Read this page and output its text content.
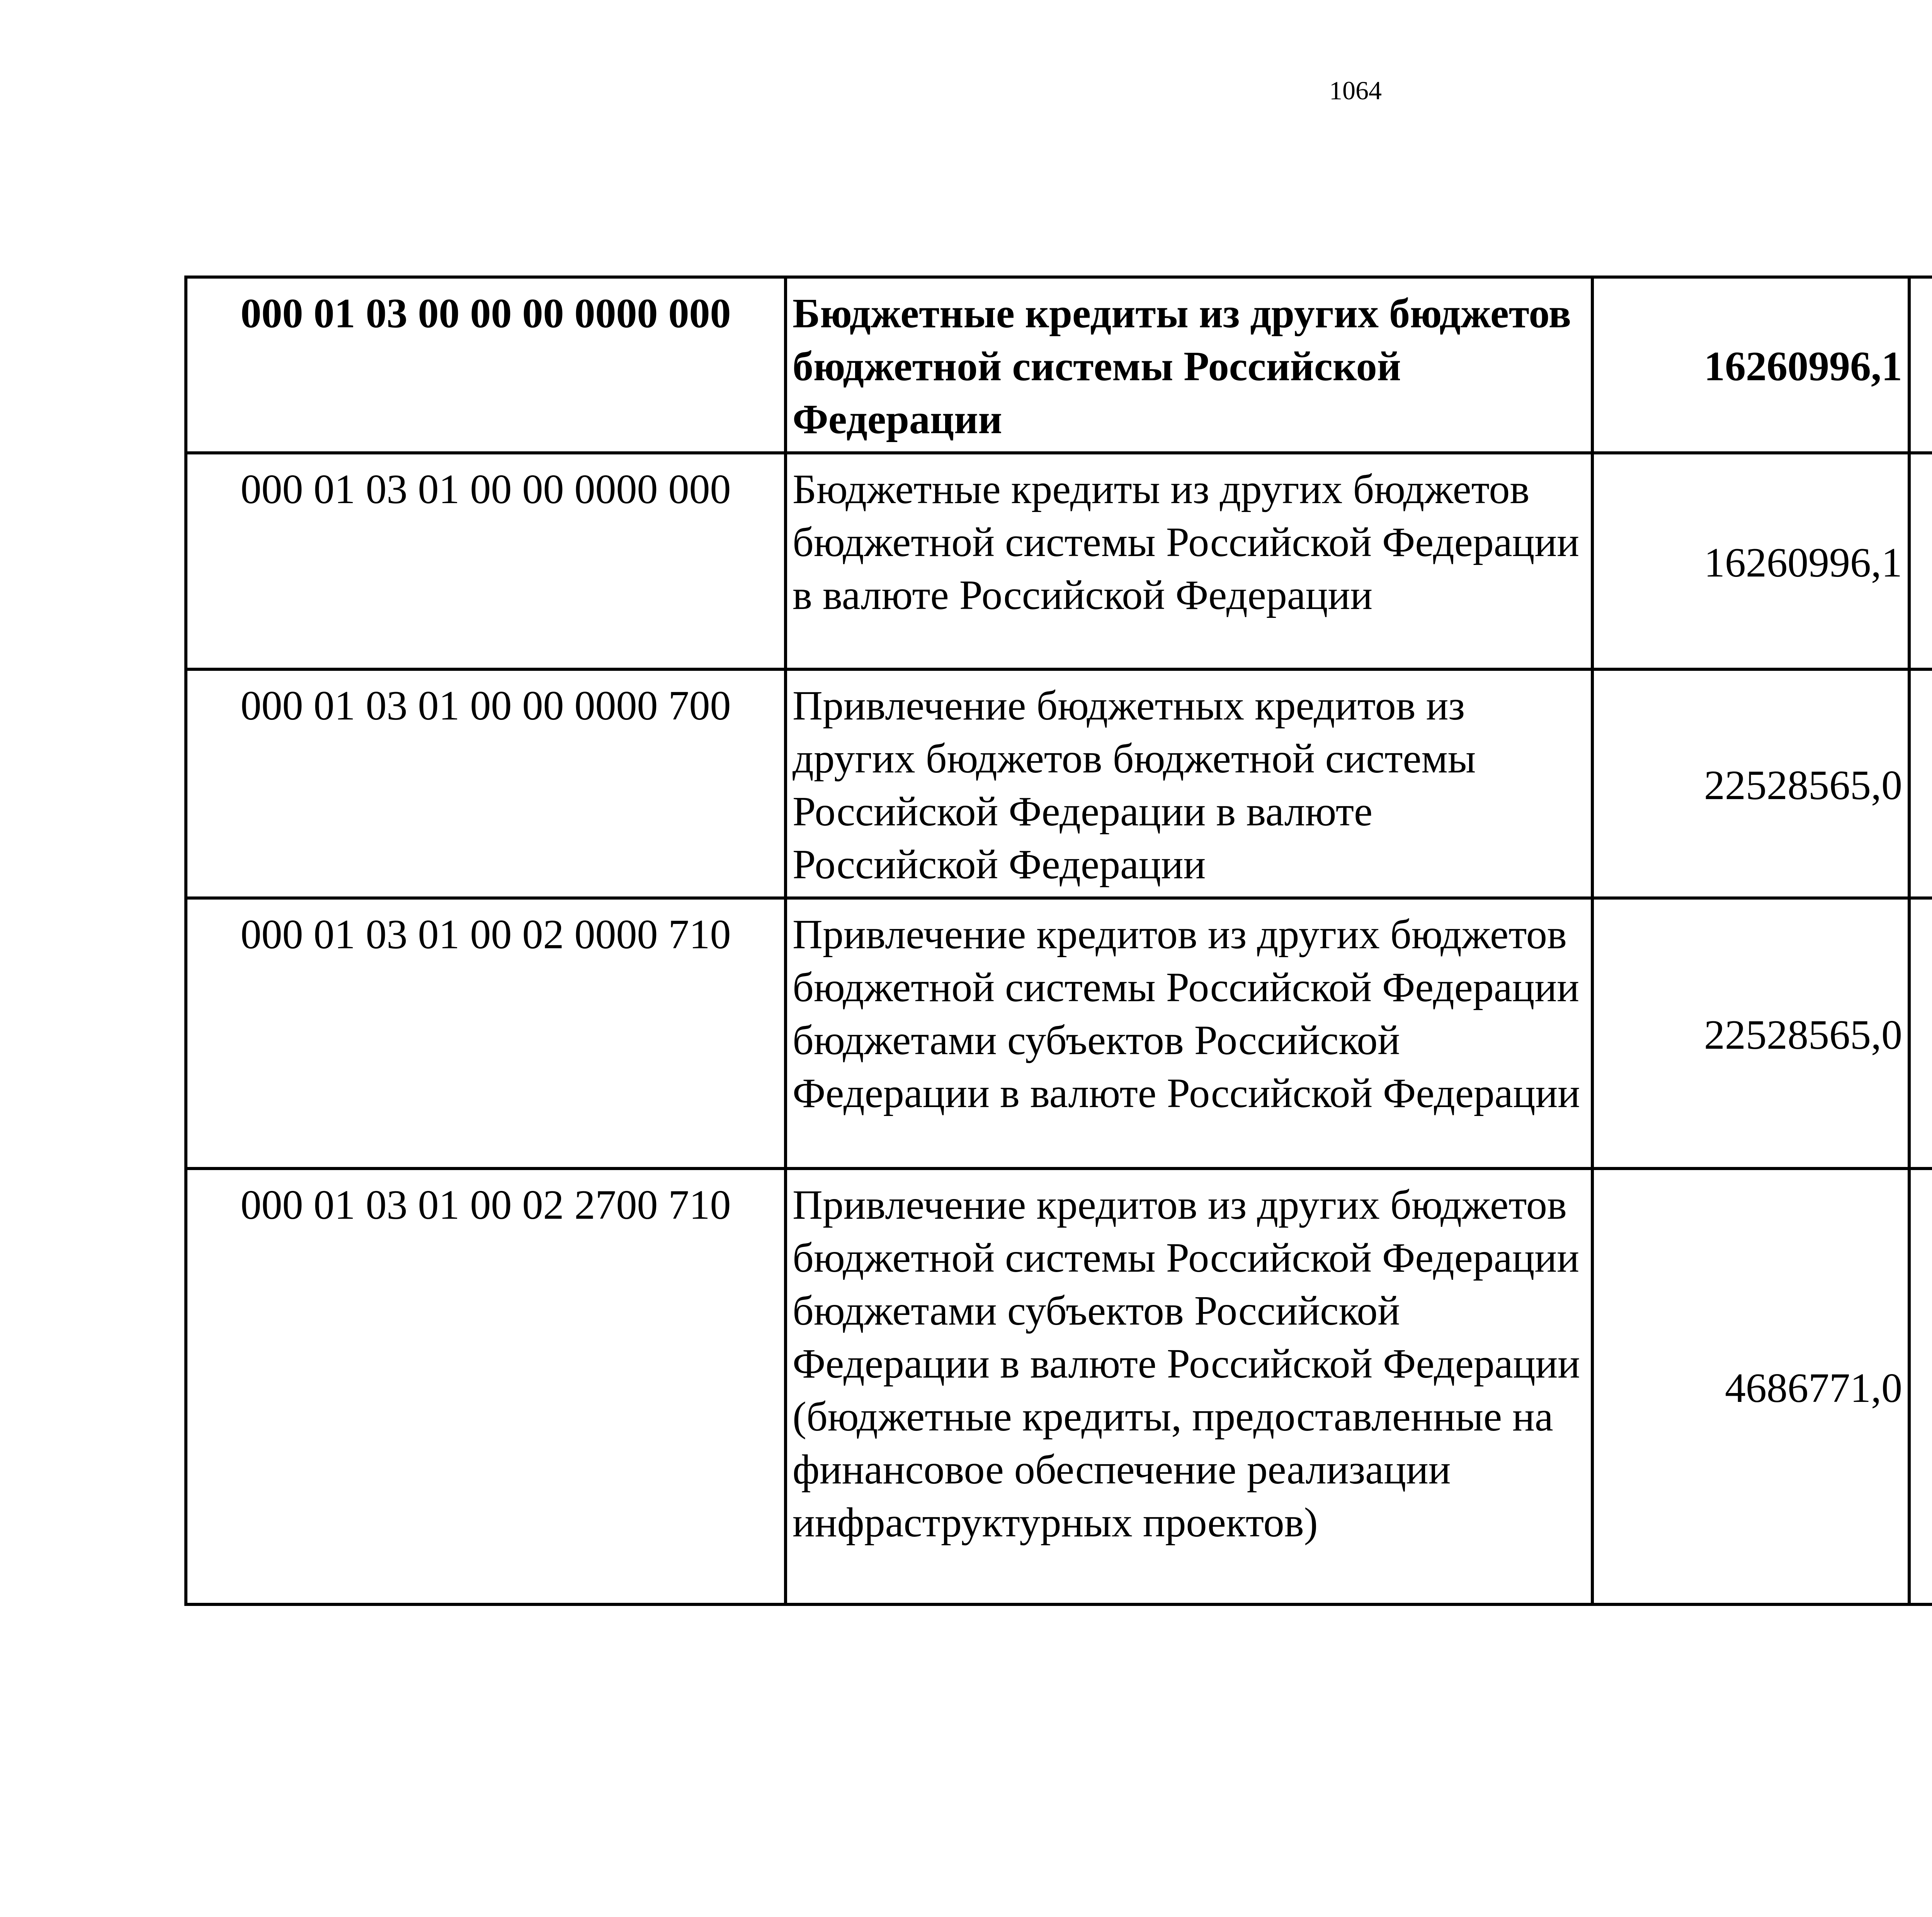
1064
000 01 03 00 00 00 0000 000	Бюджетные кредиты из других бюджетов бюджетной системы Российской Федерации	16260996,1		
000 01 03 01 00 00 0000 000	Бюджетные кредиты из других бюджетов бюджетной системы Российской Федерации в валюте Российской Федерации	16260996,1		
000 01 03 01 00 00 0000 700	Привлечение бюджетных кредитов из других бюджетов бюджетной системы Российской Федерации в валюте Российской Федерации	22528565,0		
000 01 03 01 00 02 0000 710	Привлечение кредитов из других бюджетов бюджетной системы Российской Федерации бюджетами субъектов Российской Федерации в валюте Российской Федерации	22528565,0		
000 01 03 01 00 02 2700 710	Привлечение кредитов из других бюджетов бюджетной системы Российской Федерации бюджетами субъектов Российской Федерации в валюте Российской Федерации (бюджетные кредиты, предоставленные на финансовое обеспечение реализации инфраструктурных проектов)	4686771,0		
